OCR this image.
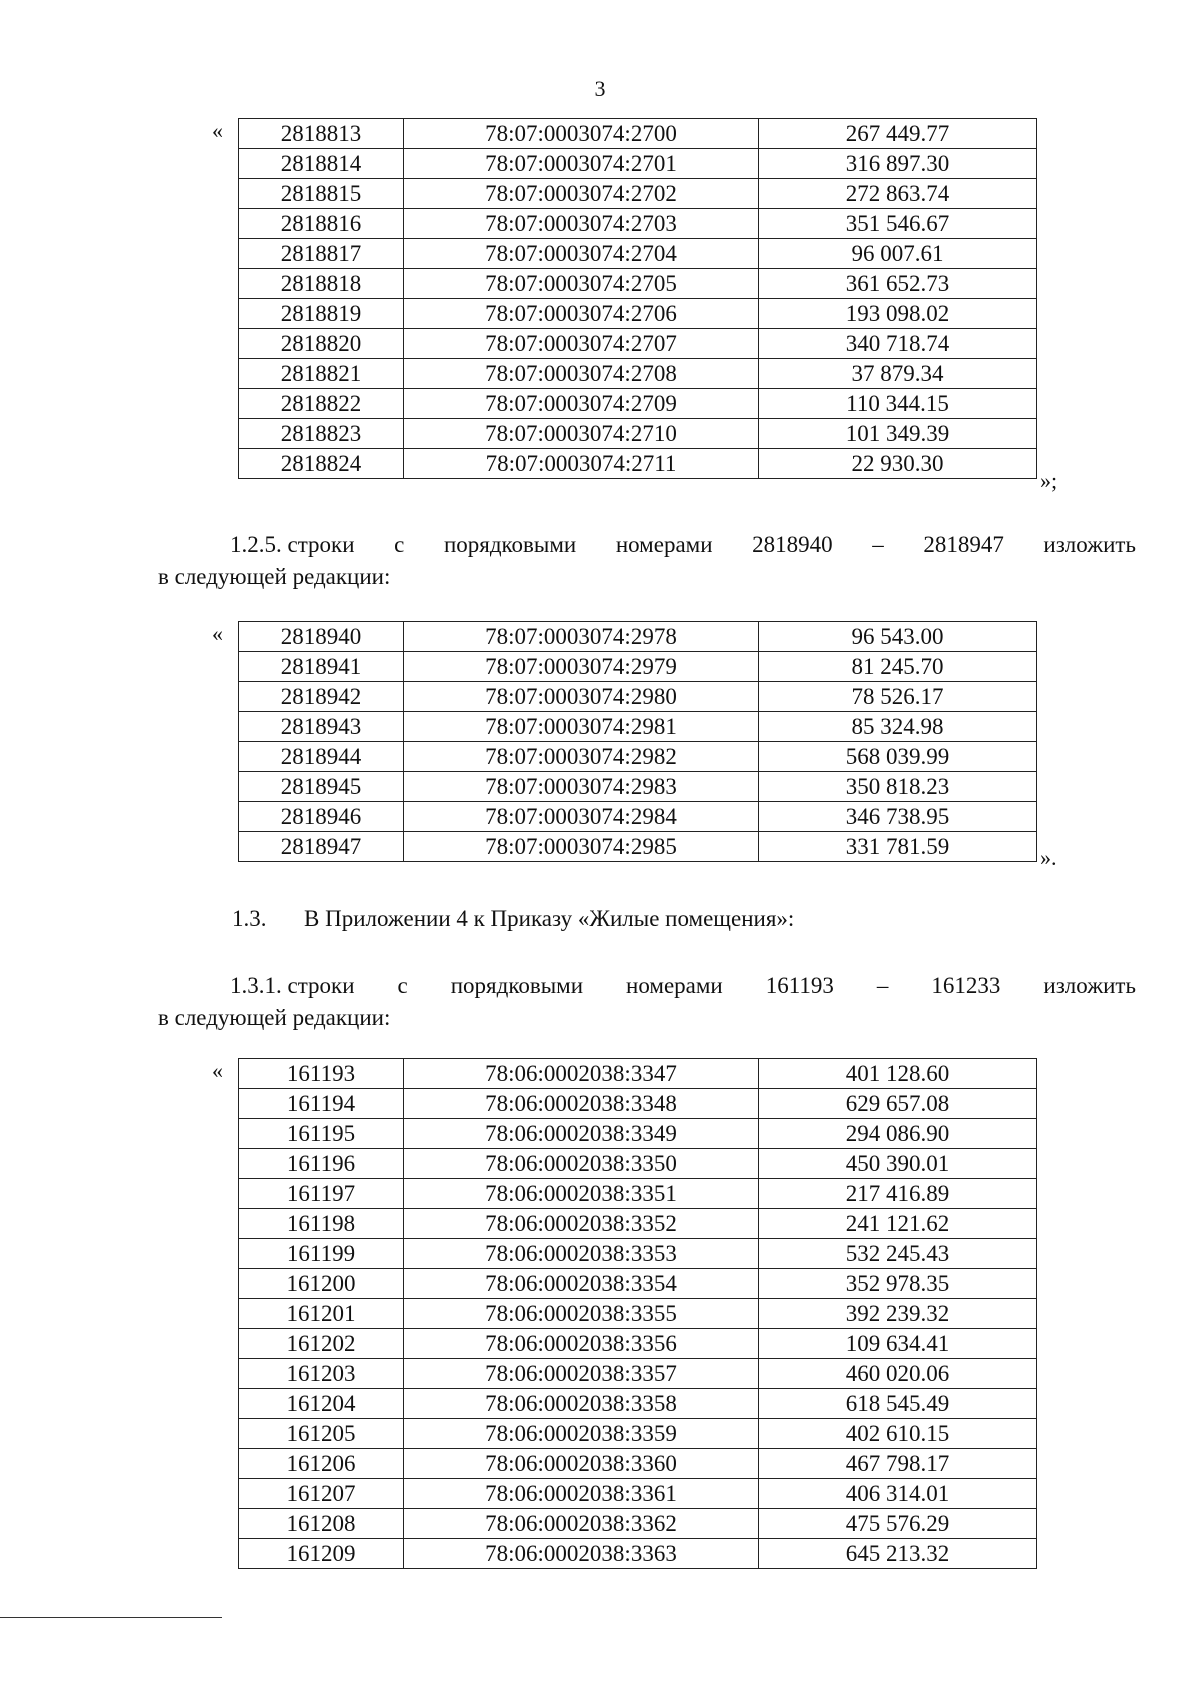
3
«	2818813	78:07:0003074:2700	267 449.77
2818814	78:07:0003074:2701	316 897.30
2818815	78:07:0003074:2702	272 863.74
2818816	78:07:0003074:2703	351 546.67
2818817	78:07:0003074:2704	96 007.61
2818818	78:07:0003074:2705	361 652.73
2818819	78:07:0003074:2706	193 098.02
2818820	78:07:0003074:2707	340 718.74
2818821	78:07:0003074:2708	37 879.34
2818822	78:07:0003074:2709	110 344.15
2818823	78:07:0003074:2710	101 349.39
2818824	78:07:0003074:2711	22 930.30
»;
1.2.5. строки с порядковыми номерами 2818940 – 2818947 изложить
в следующей редакции:
«	2818940	78:07:0003074:2978	96 543.00
2818941	78:07:0003074:2979	81 245.70
2818942	78:07:0003074:2980	78 526.17
2818943	78:07:0003074:2981	85 324.98
2818944	78:07:0003074:2982	568 039.99
2818945	78:07:0003074:2983	350 818.23
2818946	78:07:0003074:2984	346 738.95
2818947	78:07:0003074:2985	331 781.59	».
1.3. В Приложении 4 к Приказу «Жилые помещения»:
1.3.1. строки с порядковыми номерами 161193 – 161233 изложить
в следующей редакции:
«	161193	78:06:0002038:3347	401 128.60
161194	78:06:0002038:3348	629 657.08
161195	78:06:0002038:3349	294 086.90
161196	78:06:0002038:3350	450 390.01
161197	78:06:0002038:3351	217 416.89
161198	78:06:0002038:3352	241 121.62
161199	78:06:0002038:3353	532 245.43
161200	78:06:0002038:3354	352 978.35
161201	78:06:0002038:3355	392 239.32
161202	78:06:0002038:3356	109 634.41
161203	78:06:0002038:3357	460 020.06
161204	78:06:0002038:3358	618 545.49
161205	78:06:0002038:3359	402 610.15
161206	78:06:0002038:3360	467 798.17
161207	78:06:0002038:3361	406 314.01
161208	78:06:0002038:3362	475 576.29
161209	78:06:0002038:3363	645 213.32
